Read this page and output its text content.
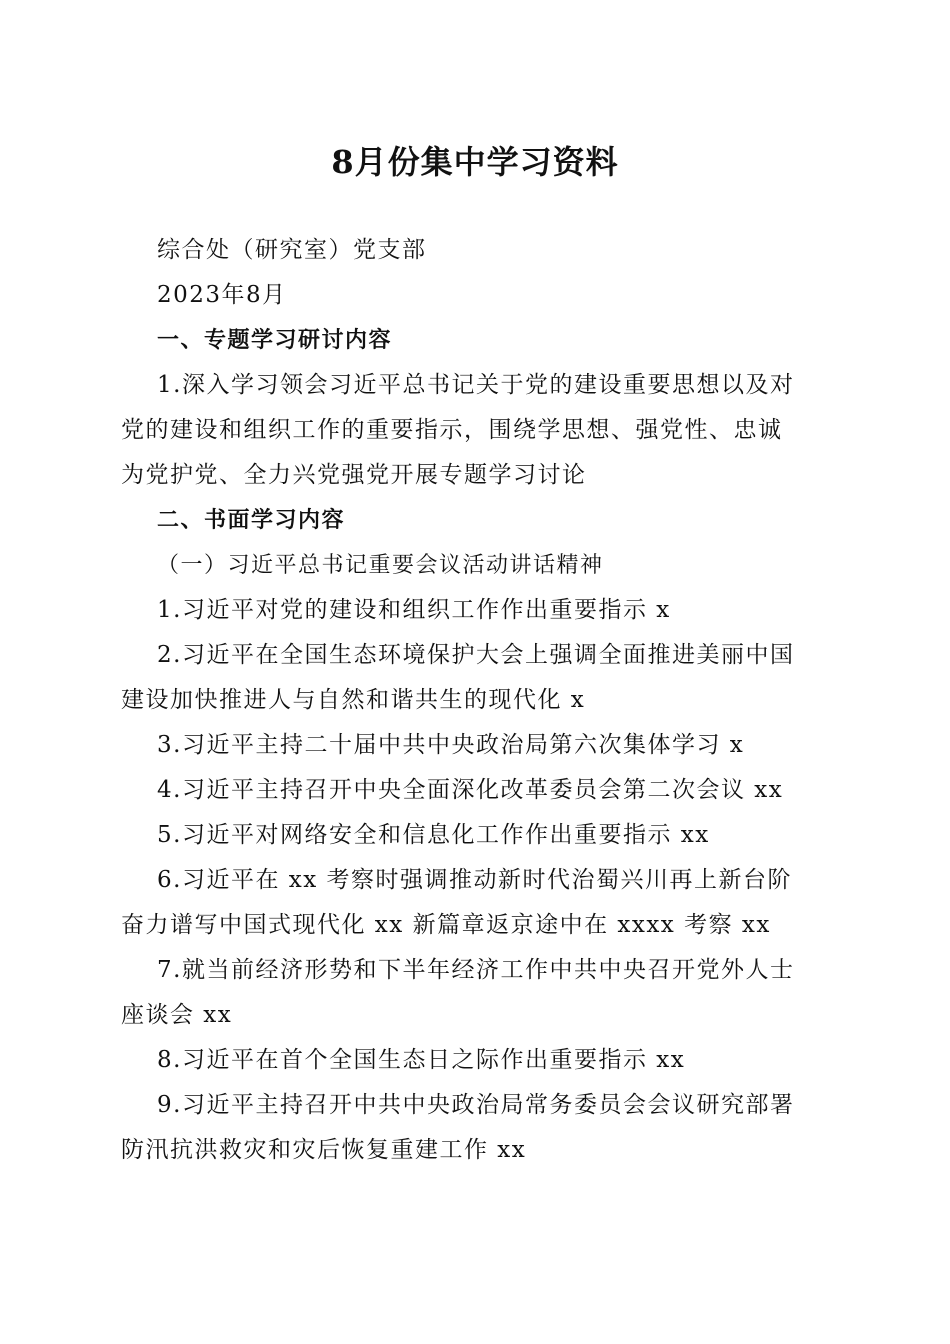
8月份集中学习资料

综合处（研究室）党支部

2023年8月

一、专题学习研讨内容

1.深入学习领会习近平总书记关于党的建设重要思想以及对

党的建设和组织工作的重要指示，围绕学思想、强党性、忠诚
为党护党、全力兴党强党开展专题学习讨论

二、书面学习内容

（一）习近平总书记重要会议活动讲话精神

1.习近平对党的建设和组织工作作出重要指示 x

2.习近平在全国生态环境保护大会上强调全面推进美丽中国

建设加快推进人与自然和谐共生的现代化 x

3.习近平主持二十届中共中央政治局第六次集体学习 x

4.习近平主持召开中央全面深化改革委员会第二次会议 xx

5.习近平对网络安全和信息化工作作出重要指示 xx

6.习近平在 xx 考察时强调推动新时代治蜀兴川再上新台阶

奋力谱写中国式现代化 xx 新篇章返京途中在 xxxx 考察 xx

7.就当前经济形势和下半年经济工作中共中央召开党外人士

座谈会 xx

8.习近平在首个全国生态日之际作出重要指示 xx

9.习近平主持召开中共中央政治局常务委员会会议研究部署

防汛抗洪救灾和灾后恢复重建工作 xx
